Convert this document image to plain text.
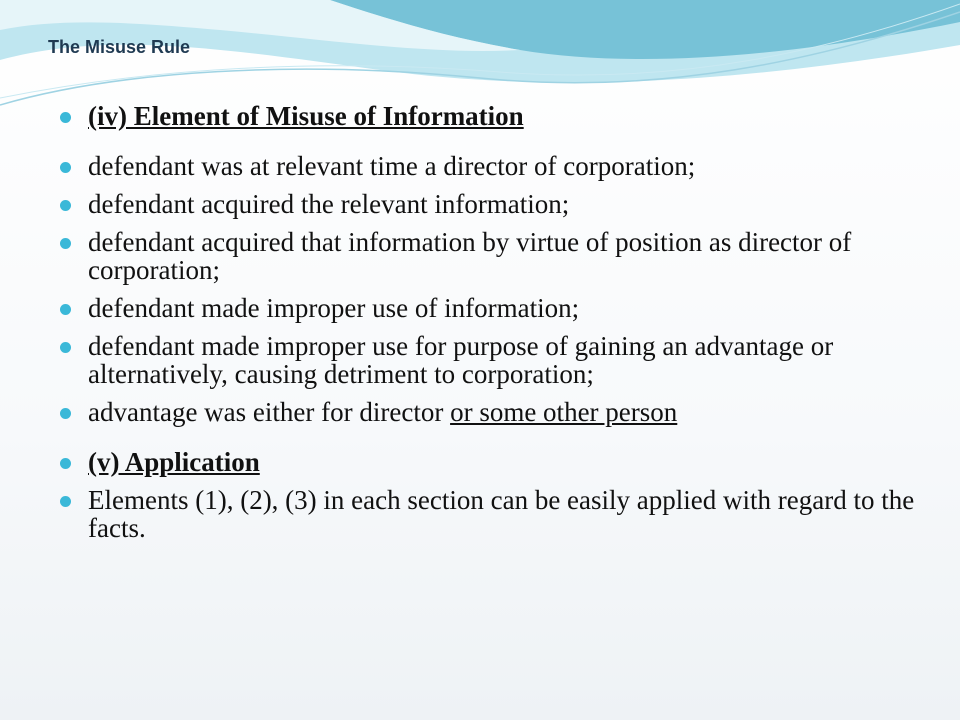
The Misuse Rule
(iv) Element of Misuse of Information
defendant was at relevant time a director of corporation;
defendant acquired the relevant information;
defendant acquired that information by virtue of position as director of corporation;
defendant made improper use of information;
defendant made improper use for purpose of gaining an advantage or alternatively, causing detriment to corporation;
advantage was either for director or some other person
(v) Application
Elements (1), (2), (3) in each section can be easily applied with regard to the facts.
